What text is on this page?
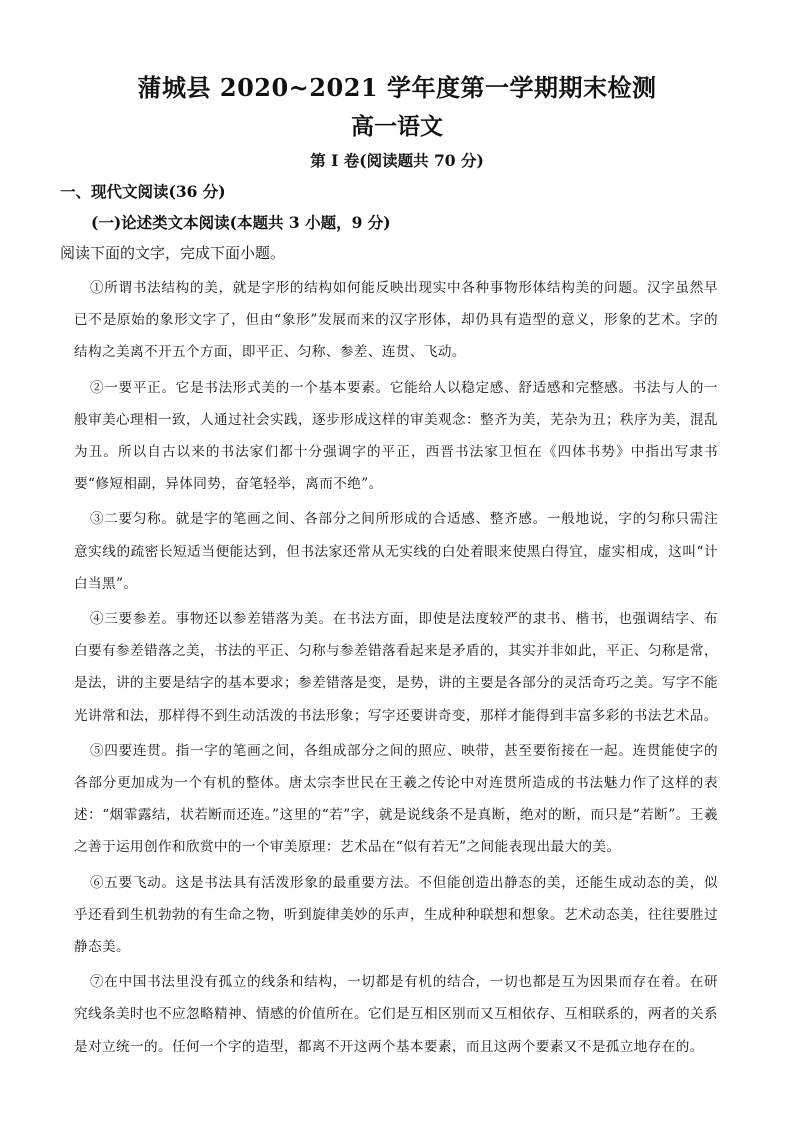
蒲城县 2020~2021 学年度第一学期期末检测
高一语文
第 I 卷(阅读题共 70 分)
一、现代文阅读(36 分)
(一)论述类文本阅读(本题共 3 小题，9 分)
阅读下面的文字，完成下面小题。

①所谓书法结构的美，就是字形的结构如何能反映出现实中各种事物形体结构美的问题。汉字虽然早已不是原始的象形文字了，但由“象形”发展而来的汉字形体，却仍具有造型的意义，形象的艺术。字的结构之美离不开五个方面，即平正、匀称、参差、连贯、飞动。

②一要平正。它是书法形式美的一个基本要素。它能给人以稳定感、舒适感和完整感。书法与人的一般审美心理相一致，人通过社会实践，逐步形成这样的审美观念：整齐为美，芜杂为丑；秩序为美，混乱为丑。所以自古以来的书法家们都十分强调字的平正，西晋书法家卫恒在《四体书势》中指出写隶书要“修短相副，异体同势，奋笔轻举，离而不绝”。

③二要匀称。就是字的笔画之间、各部分之间所形成的合适感、整齐感。一般地说，字的匀称只需注意实线的疏密长短适当便能达到，但书法家还常从无实线的白处着眼来使黑白得宜，虚实相成，这叫“计白当黑”。

④三要参差。事物还以参差错落为美。在书法方面，即使是法度较严的隶书、楷书，也强调结字、布白要有参差错落之美，书法的平正、匀称与参差错落看起来是矛盾的，其实并非如此，平正、匀称是常，是法，讲的主要是结字的基本要求；参差错落是变，是势，讲的主要是各部分的灵活奇巧之美。写字不能光讲常和法，那样得不到生动活泼的书法形象；写字还要讲奇变，那样才能得到丰富多彩的书法艺术品。

⑤四要连贯。指一字的笔画之间，各组成部分之间的照应、映带，甚至要衔接在一起。连贯能使字的各部分更加成为一个有机的整体。唐太宗李世民在王羲之传论中对连贯所造成的书法魅力作了这样的表述：“烟霏露结，状若断而还连。”这里的“若”字，就是说线条不是真断，绝对的断，而只是“若断”。王羲之善于运用创作和欣赏中的一个审美原理：艺术品在“似有若无”之间能表现出最大的美。

⑥五要飞动。这是书法具有活泼形象的最重要方法。不但能创造出静态的美，还能生成动态的美，似乎还看到生机勃勃的有生命之物，听到旋律美妙的乐声，生成种种联想和想象。艺术动态美，往往要胜过静态美。

⑦在中国书法里没有孤立的线条和结构，一切都是有机的结合，一切也都是互为因果而存在着。在研究线条美时也不应忽略精神、情感的价值所在。它们是互相区别而又互相依存、互相联系的，两者的关系是对立统一的。任何一个字的造型，都离不开这两个基本要素，而且这两个要素又不是孤立地存在的。
